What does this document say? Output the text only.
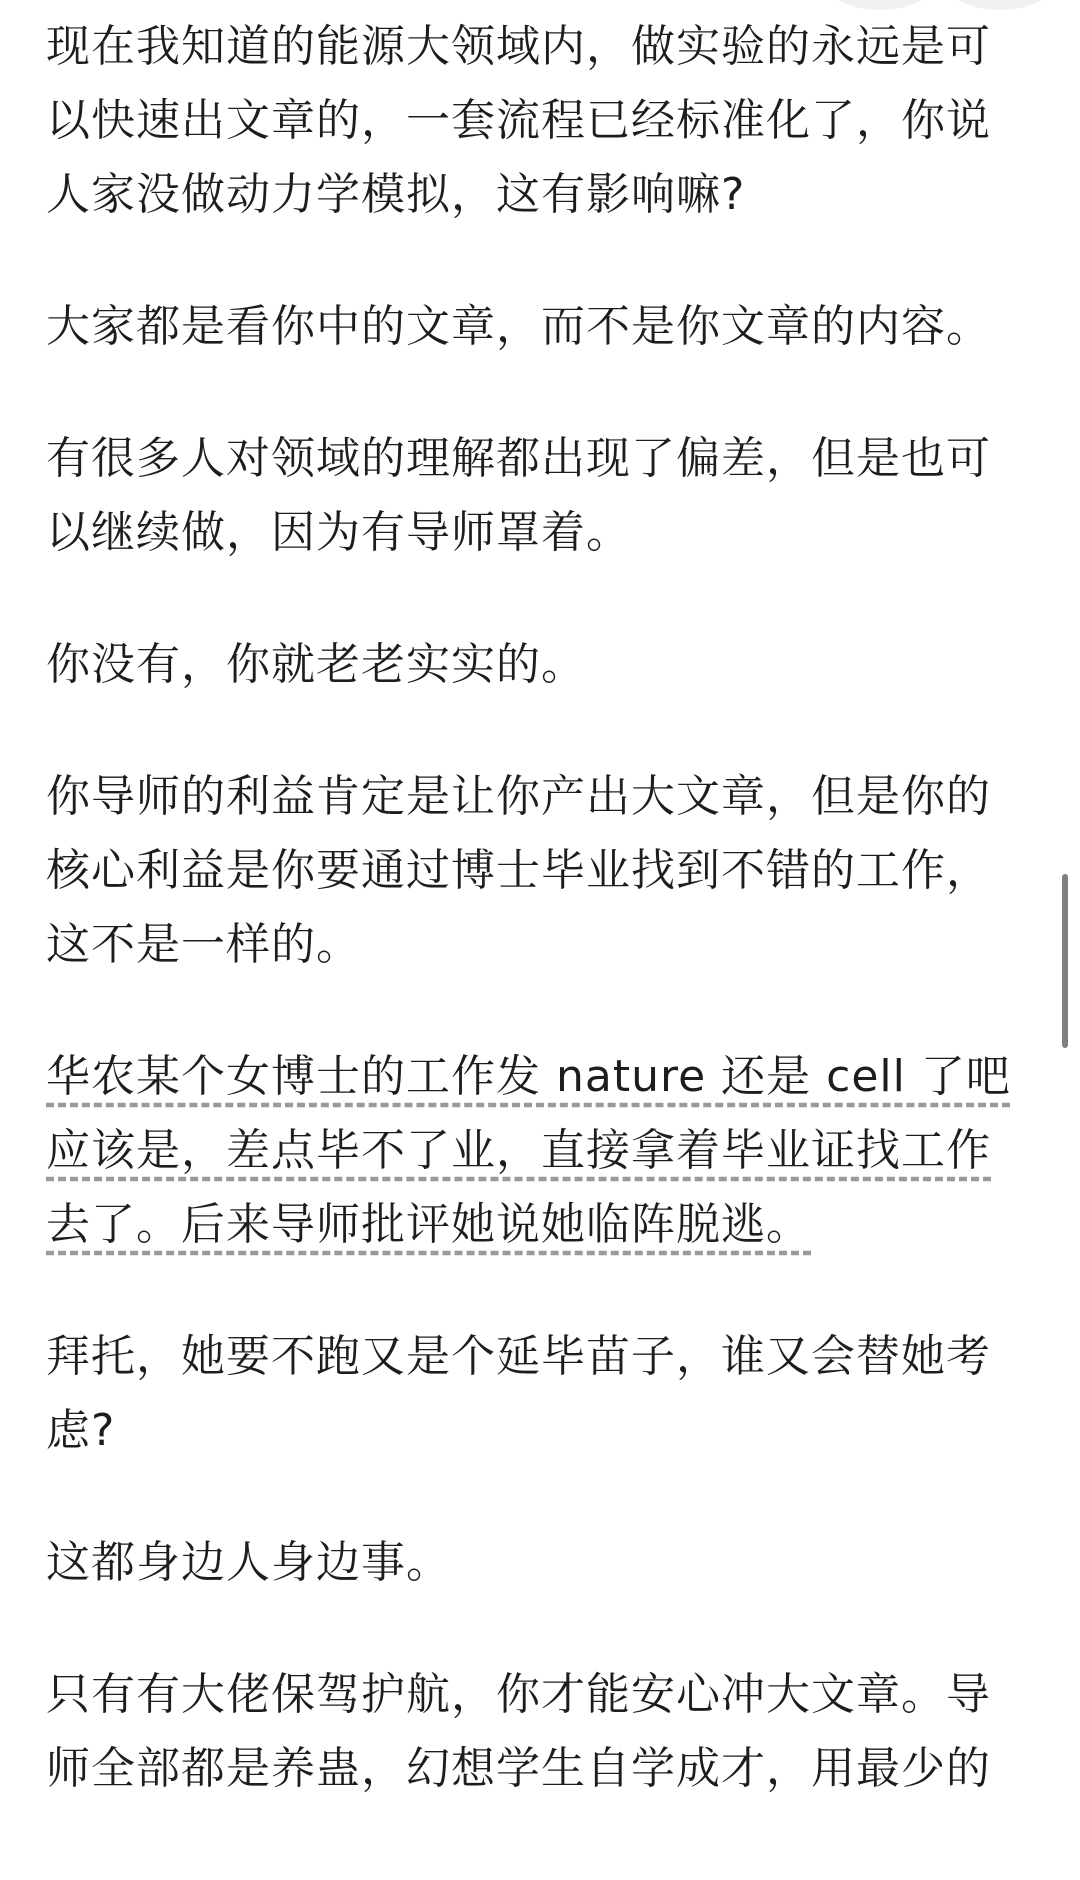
现在我知道的能源大领域内，做实验的永远是可以快速出文章的，一套流程已经标准化了，你说人家没做动力学模拟，这有影响嘛?

大家都是看你中的文章，而不是你文章的内容。

有很多人对领域的理解都出现了偏差，但是也可以继续做，因为有导师罩着。

你没有，你就老老实实的。

你导师的利益肯定是让你产出大文章，但是你的核心利益是你要通过博士毕业找到不错的工作，这不是一样的。

华农某个女博士的工作发 nature 还是 cell 了吧应该是，差点毕不了业，直接拿着毕业证找工作去了。后来导师批评她说她临阵脱逃。

拜托，她要不跑又是个延毕苗子，谁又会替她考虑?

这都身边人身边事。

只有有大佬保驾护航，你才能安心冲大文章。导师全部都是养蛊，幻想学生自学成才，用最少的
